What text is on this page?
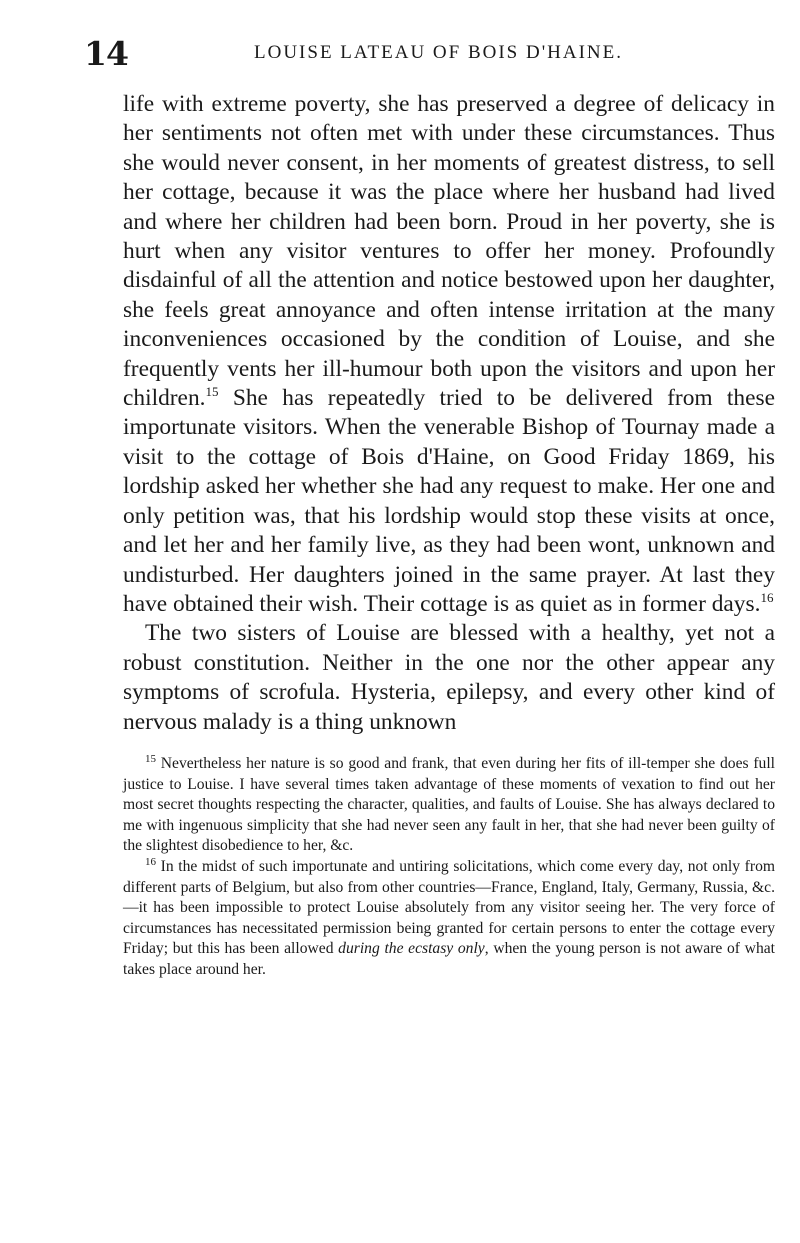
14	LOUISE LATEAU OF BOIS D'HAINE.

life with extreme poverty, she has preserved a degree of delicacy in her sentiments not often met with under these circumstances. Thus she would never consent, in her moments of greatest distress, to sell her cottage, because it was the place where her husband had lived and where her children had been born. Proud in her poverty, she is hurt when any visitor ventures to offer her money. Profoundly disdainful of all the attention and notice bestowed upon her daughter, she feels great annoyance and often intense irritation at the many inconveniences occasioned by the condition of Louise, and she frequently vents her ill-humour both upon the visitors and upon her children.$^{15}$ She has repeatedly tried to be delivered from these importunate visitors. When the venerable Bishop of Tournay made a visit to the cottage of Bois d'Haine, on Good Friday 1869, his lordship asked her whether she had any request to make. Her one and only petition was, that his lordship would stop these visits at once, and let her and her family live, as they had been wont, unknown and undisturbed. Her daughters joined in the same prayer. At last they have obtained their wish. Their cottage is as quiet as in former days.$^{16}$

The two sisters of Louise are blessed with a healthy, yet not a robust constitution. Neither in the one nor the other appear any symptoms of scrofula. Hysteria, epilepsy, and every other kind of nervous malady is a thing unknown

$^{15}$ Nevertheless her nature is so good and frank, that even during her fits of ill-temper she does full justice to Louise. I have several times taken advantage of these moments of vexation to find out her most secret thoughts respecting the character, qualities, and faults of Louise. She has always declared to me with ingenuous simplicity that she had never seen any fault in her, that she had never been guilty of the slightest disobedience to her, &c.

$^{16}$ In the midst of such importunate and untiring solicitations, which come every day, not only from different parts of Belgium, but also from other countries—France, England, Italy, Germany, Russia, &c.—it has been impossible to protect Louise absolutely from any visitor seeing her. The very force of circumstances has necessitated permission being granted for certain persons to enter the cottage every Friday; but this has been allowed during the ecstasy only, when the young person is not aware of what takes place around her.
